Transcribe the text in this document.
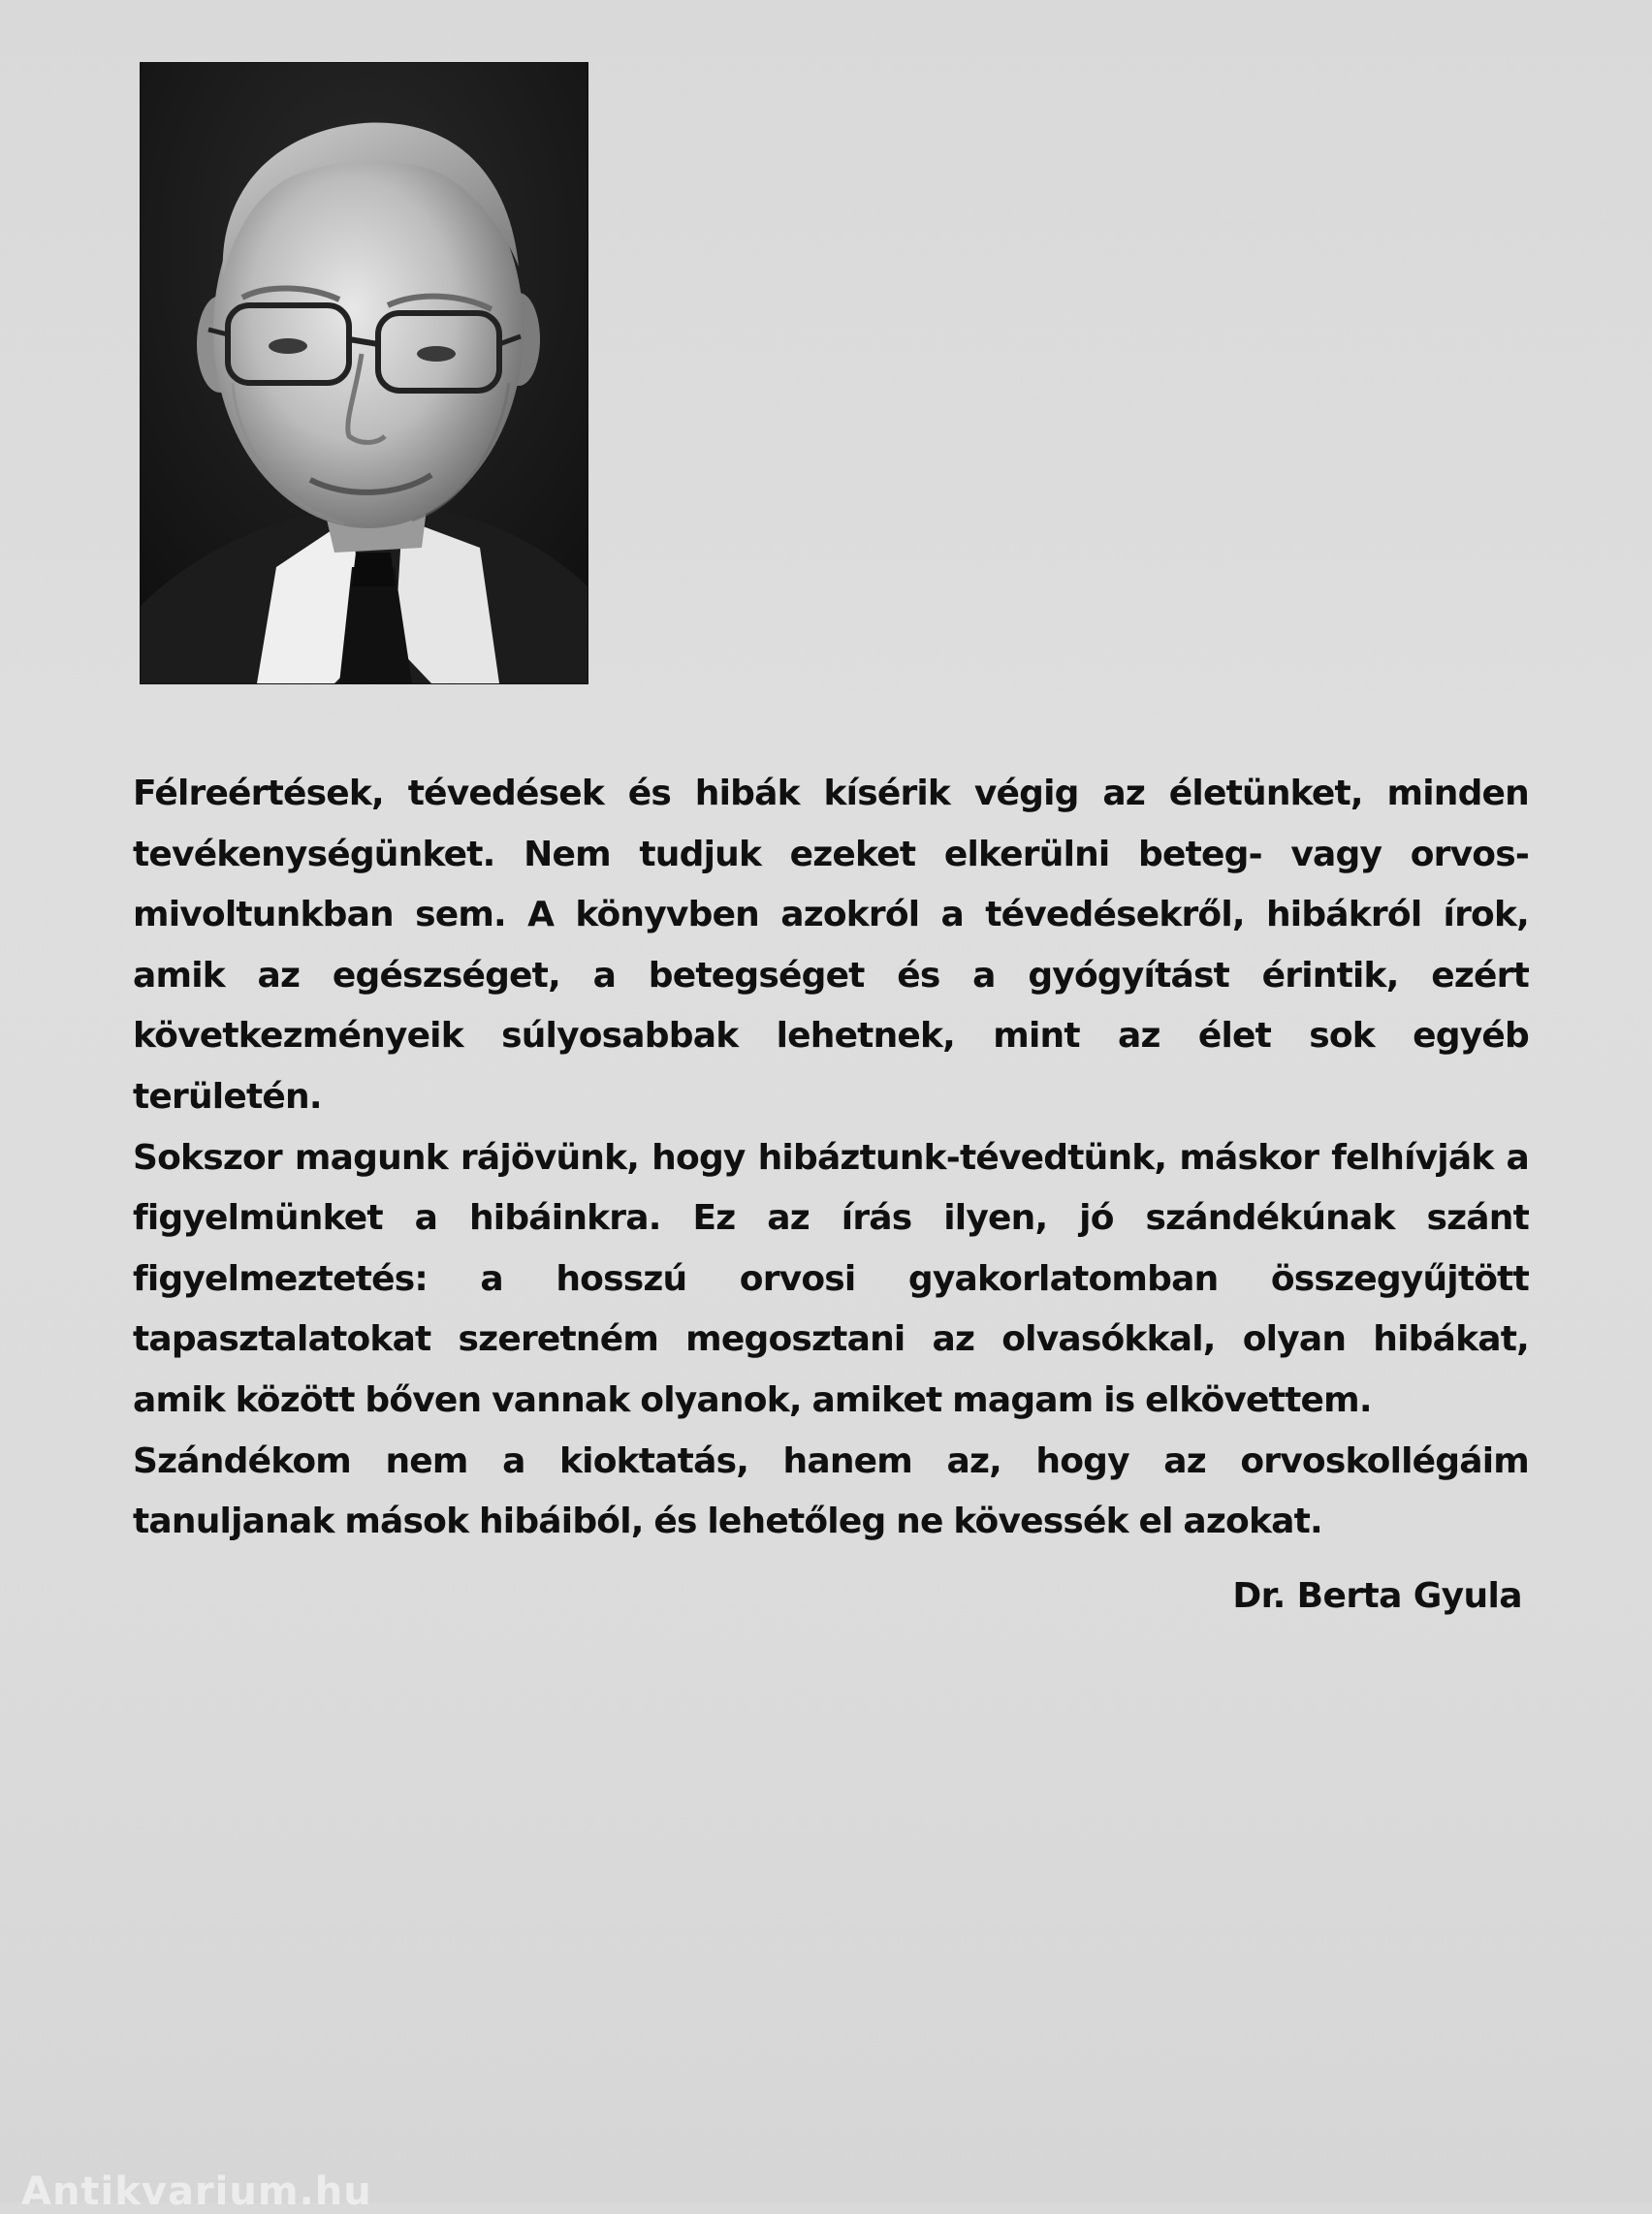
Félreértések, tévedések és hibák kísérik végig az életünket, minden tevékenységünket. Nem tudjuk ezeket elkerülni beteg- vagy orvos-mivoltunkban sem. A könyvben azokról a tévedésekről, hibákról írok, amik az egészséget, a betegséget és a gyógyítást érintik, ezért következményeik súlyosabbak lehetnek, mint az élet sok egyéb területén.

Sokszor magunk rájövünk, hogy hibáztunk-tévedtünk, máskor felhívják a figyelmünket a hibáinkra. Ez az írás ilyen, jó szándékúnak szánt figyelmeztetés: a hosszú orvosi gyakorlatomban összegyűjtött tapasztalatokat szeretném megosztani az olvasókkal, olyan hibákat, amik között bőven vannak olyanok, amiket magam is elkövettem.

Szándékom nem a kioktatás, hanem az, hogy az orvoskollégáim tanuljanak mások hibáiból, és lehetőleg ne kövessék el azokat.

Dr. Berta Gyula
Antikvarium.hu
